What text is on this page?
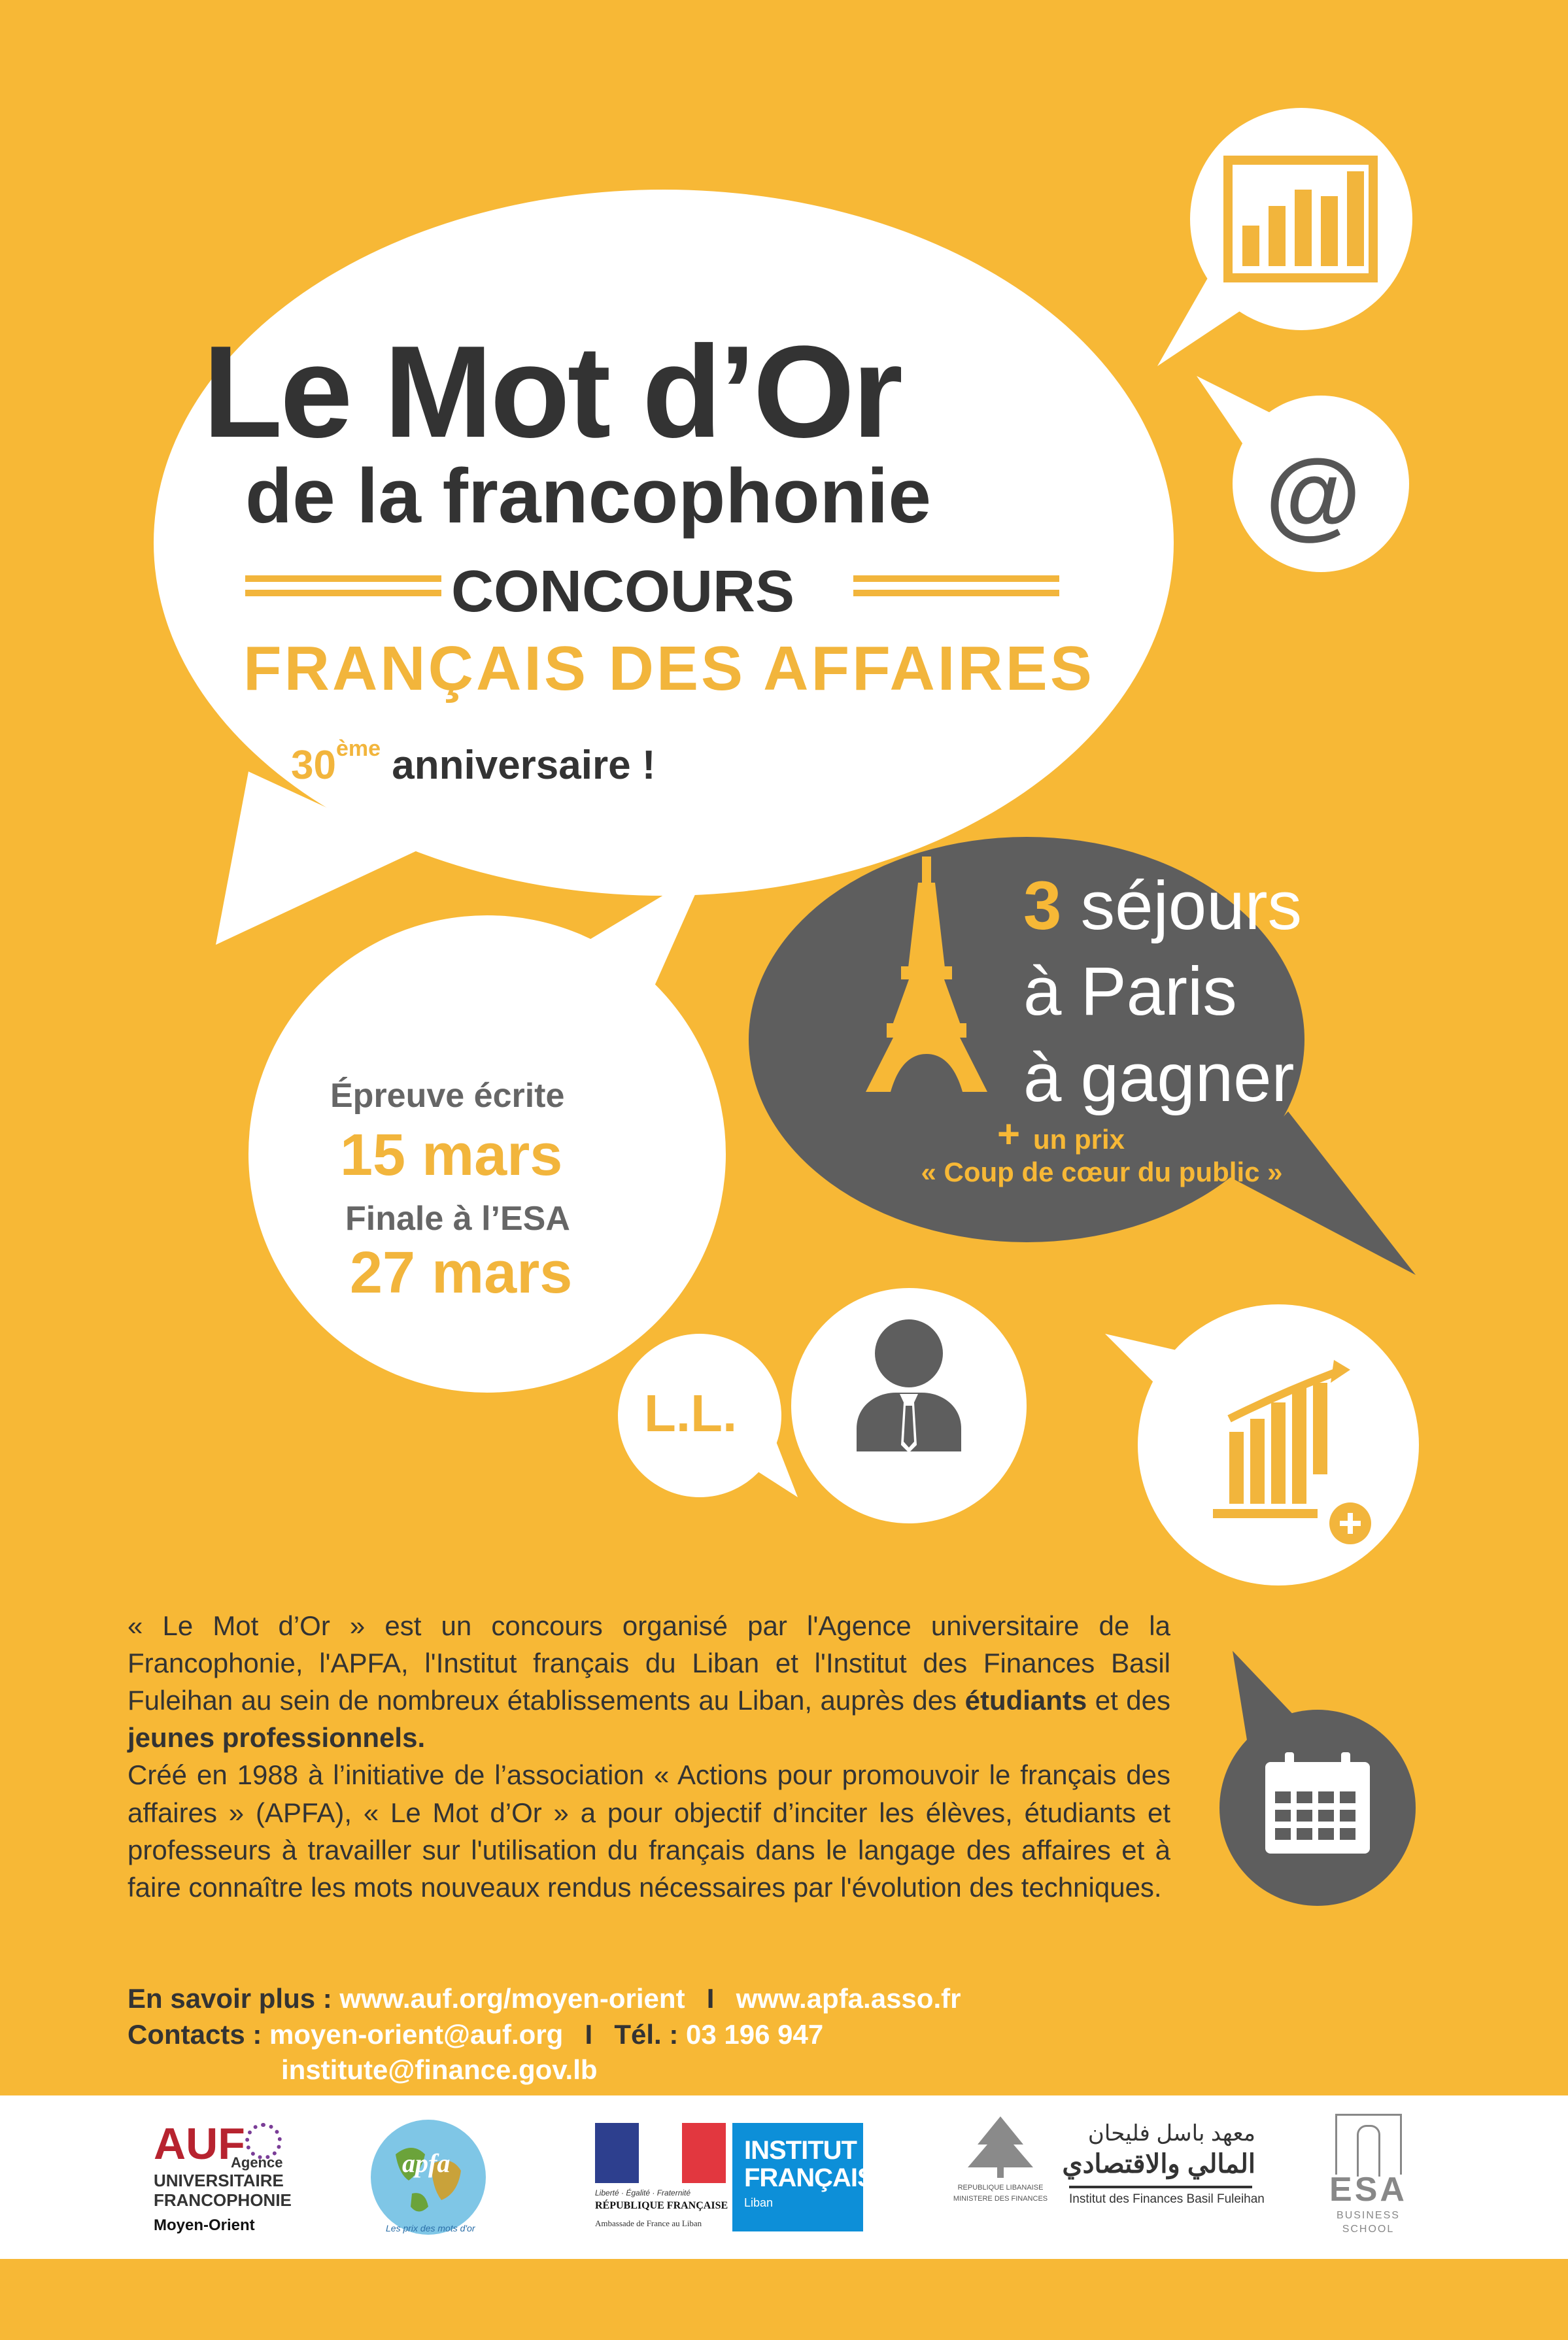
Le Mot d’Or
de la francophonie
CONCOURS
FRANÇAIS DES AFFAIRES
30ème anniversaire !
@
3 séjours
à Paris
à gagner
+ un prix
« Coup de cœur du public »
Épreuve écrite
15 mars
Finale à l’ESA
27 mars
L.L.

« Le Mot d’Or » est un concours organisé par l'Agence universitaire de la Francophonie, l'APFA, l'Institut français du Liban et l'Institut des Finances Basil Fuleihan au sein de nombreux établissements au Liban, auprès des étudiants et des jeunes professionnels.

Créé en 1988 à l’initiative de l’association « Actions pour promouvoir le français des affaires » (APFA), « Le Mot d’Or » a pour objectif d’inciter les élèves, étudiants et professeurs à travailler sur l'utilisation du français dans le langage des affaires et à faire connaître les mots nouveaux rendus nécessaires par l'évolution des techniques.

En savoir plus : www.auf.org/moyen-orient I www.apfa.asso.fr
Contacts : moyen-orient@auf.org I Tél. : 03 196 947
institute@finance.gov.lb
AUF
Agence
UNIVERSITAIRE
FRANCOPHONIE
Moyen-Orient
apfa
Les prix des mots d'or
Liberté · Égalité · Fraternité
RÉPUBLIQUE FRANÇAISE
Ambassade de France au Liban
INSTITUT
FRANÇAIS
Liban
REPUBLIQUE LIBANAISE
MINISTERE DES FINANCES
معهد باسل فليحان
المالي والاقتصادي
Institut des Finances Basil Fuleihan ESA
BUSINESS
SCHOOL
